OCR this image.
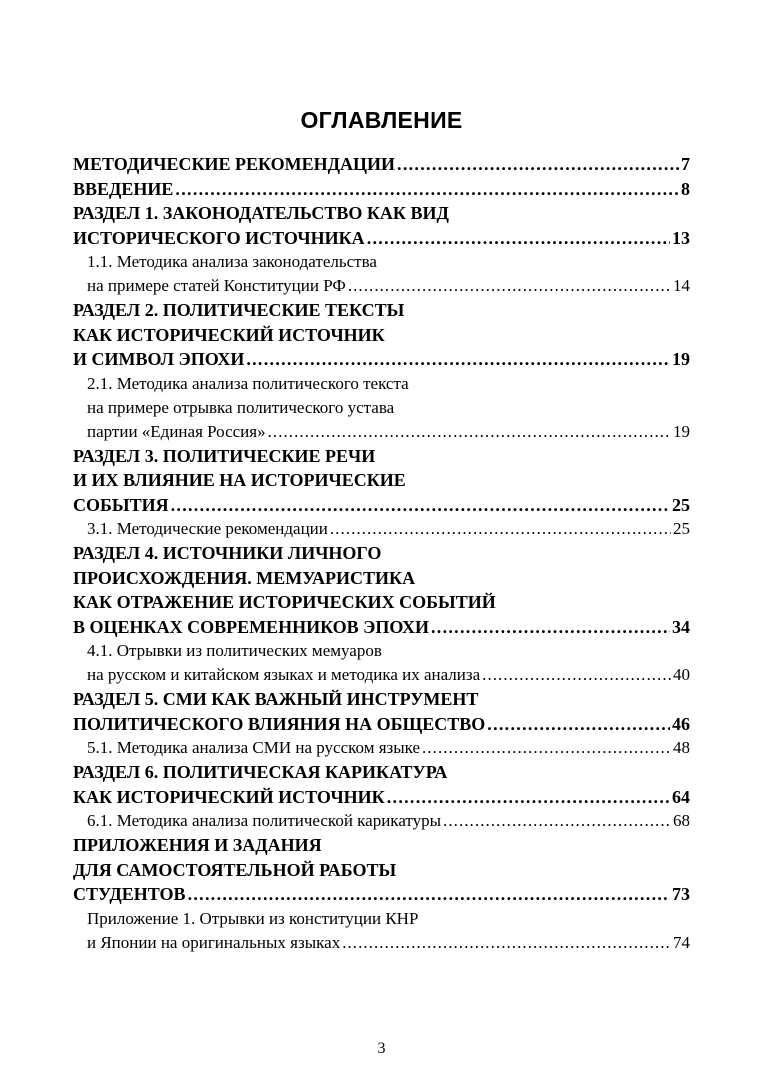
ОГЛАВЛЕНИЕ
МЕТОДИЧЕСКИЕ РЕКОМЕНДАЦИИ . . .	7
ВВЕДЕНИЕ . . .	8
РАЗДЕЛ 1. ЗАКОНОДАТЕЛЬСТВО КАК ВИД
ИСТОРИЧЕСКОГО ИСТОЧНИКА . . .	13
1.1. Методика анализа законодательства
на примере статей Конституции РФ . . .	14
РАЗДЕЛ 2. ПОЛИТИЧЕСКИЕ ТЕКСТЫ
КАК ИСТОРИЧЕСКИЙ ИСТОЧНИК
И СИМВОЛ ЭПОХИ . . .	19
2.1. Методика анализа политического текста
на примере отрывка политического устава
партии «Единая Россия» . . .	19
РАЗДЕЛ 3. ПОЛИТИЧЕСКИЕ РЕЧИ
И ИХ ВЛИЯНИЕ НА ИСТОРИЧЕСКИЕ
СОБЫТИЯ . . .	25
3.1. Методические рекомендации . . .	25
РАЗДЕЛ 4. ИСТОЧНИКИ ЛИЧНОГО
ПРОИСХОЖДЕНИЯ. МЕМУАРИСТИКА
КАК ОТРАЖЕНИЕ ИСТОРИЧЕСКИХ СОБЫТИЙ
В ОЦЕНКАХ СОВРЕМЕННИКОВ ЭПОХИ . . .	34
4.1. Отрывки из политических мемуаров
на русском и китайском языках и методика их анализа . . .	40
РАЗДЕЛ 5. СМИ КАК ВАЖНЫЙ ИНСТРУМЕНТ
ПОЛИТИЧЕСКОГО ВЛИЯНИЯ НА ОБЩЕСТВО . . .	46
5.1. Методика анализа СМИ на русском языке . . .	48
РАЗДЕЛ 6. ПОЛИТИЧЕСКАЯ КАРИКАТУРА
КАК ИСТОРИЧЕСКИЙ ИСТОЧНИК . . .	64
6.1. Методика анализа политической карикатуры . . .	68
ПРИЛОЖЕНИЯ И ЗАДАНИЯ
ДЛЯ САМОСТОЯТЕЛЬНОЙ РАБОТЫ
СТУДЕНТОВ . . .	73
Приложение 1. Отрывки из конституции КНР
и Японии на оригинальных языках . . .	74
3
